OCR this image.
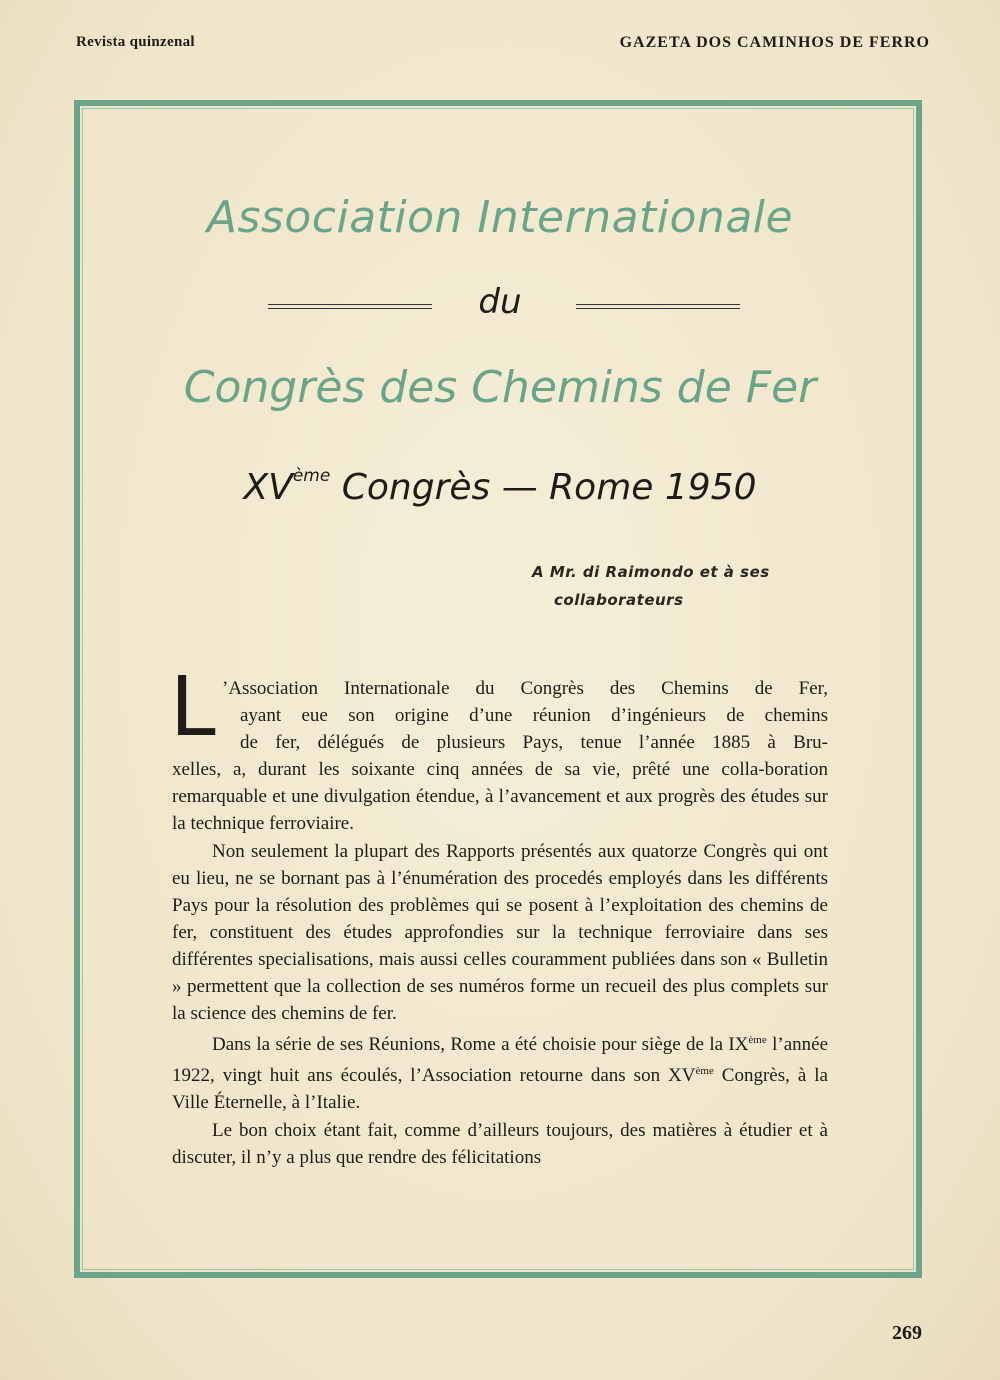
Revista quinzenal	GAZETA DOS CAMINHOS DE FERRO
Association Internationale
du
Congrès des Chemins de Fer
XVème Congrès — Rome 1950
A Mr. di Raimondo et à ses
collaborateurs
L ’Association Internationale du Congrès des Chemins de Fer,
ayant eue son origine d’une réunion d’ingénieurs de chemins
de fer, délégués de plusieurs Pays, tenue l’année 1885 à Bru-
xelles, a, durant les soixante cinq années de sa vie, prêté une colla-boration remarquable et une divulgation étendue, à l’avancement et aux progrès des études sur la technique ferroviaire.

Non seulement la plupart des Rapports présentés aux quatorze Congrès qui ont eu lieu, ne se bornant pas à l’énumération des procedés employés dans les différents Pays pour la résolution des problèmes qui se posent à l’exploitation des chemins de fer, constituent des études approfondies sur la technique ferroviaire dans ses différentes specialisations, mais aussi celles couramment publiées dans son « Bulletin » permettent que la collection de ses numéros forme un recueil des plus complets sur la science des chemins de fer.

Dans la série de ses Réunions, Rome a été choisie pour siège de la IXème l’année 1922, vingt huit ans écoulés, l’Association retourne dans son XVème Congrès, à la Ville Éternelle, à l’Italie.

Le bon choix étant fait, comme d’ailleurs toujours, des matières à étudier et à discuter, il n’y a plus que rendre des félicitations

269
